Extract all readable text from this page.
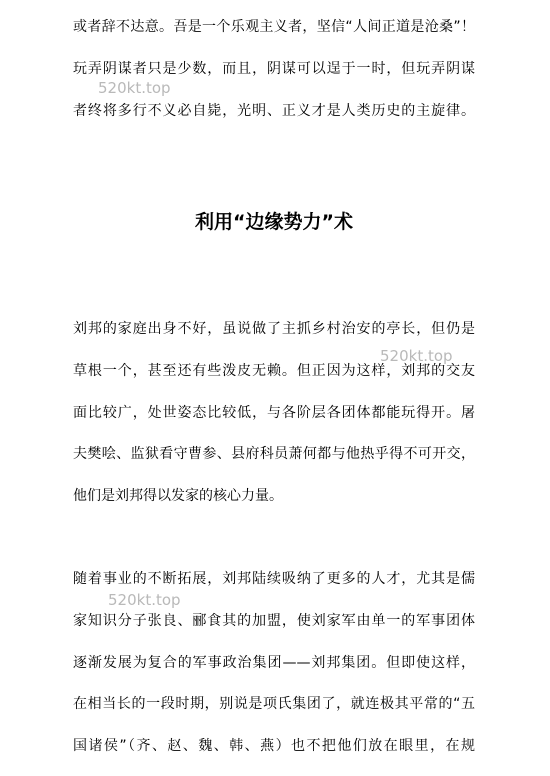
或者辞不达意。吾是一个乐观主义者，坚信“人间正道是沧桑”！
玩弄阴谋者只是少数，而且，阴谋可以逞于一时，但玩弄阴谋
者终将多行不义必自毙，光明、正义才是人类历史的主旋律。
利用“边缘势力”术
刘邦的家庭出身不好，虽说做了主抓乡村治安的亭长，但仍是
草根一个，甚至还有些泼皮无赖。但正因为这样，刘邦的交友
面比较广，处世姿态比较低，与各阶层各团体都能玩得开。屠
夫樊哙、监狱看守曹参、县府科员萧何都与他热乎得不可开交，
他们是刘邦得以发家的核心力量。
随着事业的不断拓展，刘邦陆续吸纳了更多的人才，尤其是儒
家知识分子张良、郦食其的加盟，使刘家军由单一的军事团体
逐渐发展为复合的军事政治集团——刘邦集团。但即使这样，
在相当长的一段时期，别说是项氏集团了，就连极其平常的“五
国诸侯”（齐、赵、魏、韩、燕）也不把他们放在眼里，在规
520kt.top
520kt.top
520kt.top
